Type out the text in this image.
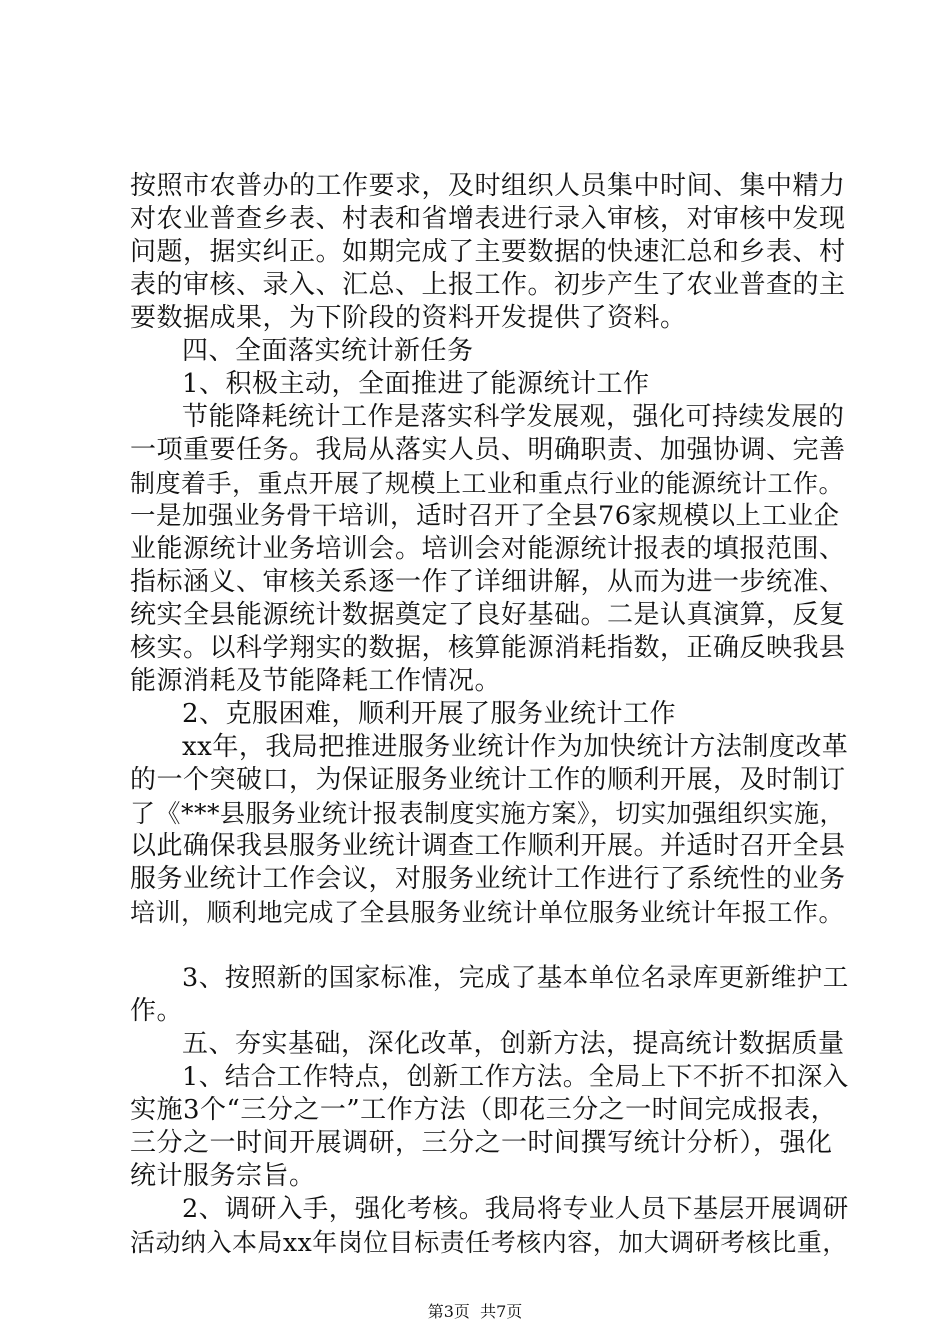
按照市农普办的工作要求，及时组织人员集中时间、集中精力
对农业普查乡表、村表和省增表进行录入审核，对审核中发现
问题，据实纠正。如期完成了主要数据的快速汇总和乡表、村
表的审核、录入、汇总、上报工作。初步产生了农业普查的主
要数据成果，为下阶段的资料开发提供了资料。
四、全面落实统计新任务
1、积极主动，全面推进了能源统计工作
节能降耗统计工作是落实科学发展观，强化可持续发展的
一项重要任务。我局从落实人员、明确职责、加强协调、完善
制度着手，重点开展了规模上工业和重点行业的能源统计工作。
一是加强业务骨干培训，适时召开了全县76家规模以上工业企
业能源统计业务培训会。培训会对能源统计报表的填报范围、
指标涵义、审核关系逐一作了详细讲解，从而为进一步统准、
统实全县能源统计数据奠定了良好基础。二是认真演算，反复
核实。以科学翔实的数据，核算能源消耗指数，正确反映我县
能源消耗及节能降耗工作情况。
2、克服困难，顺利开展了服务业统计工作
xx年，我局把推进服务业统计作为加快统计方法制度改革
的一个突破口，为保证服务业统计工作的顺利开展，及时制订
了《***县服务业统计报表制度实施方案》，切实加强组织实施，
以此确保我县服务业统计调查工作顺利开展。并适时召开全县
服务业统计工作会议，对服务业统计工作进行了系统性的业务
培训，顺利地完成了全县服务业统计单位服务业统计年报工作。
3、按照新的国家标准，完成了基本单位名录库更新维护工
作。
五、夯实基础，深化改革，创新方法，提高统计数据质量
1、结合工作特点，创新工作方法。全局上下不折不扣深入
实施3个“三分之一”工作方法（即花三分之一时间完成报表，
三分之一时间开展调研，三分之一时间撰写统计分析），强化
统计服务宗旨。
2、调研入手，强化考核。我局将专业人员下基层开展调研
活动纳入本局xx年岗位目标责任考核内容，加大调研考核比重，
第3页  共7页
